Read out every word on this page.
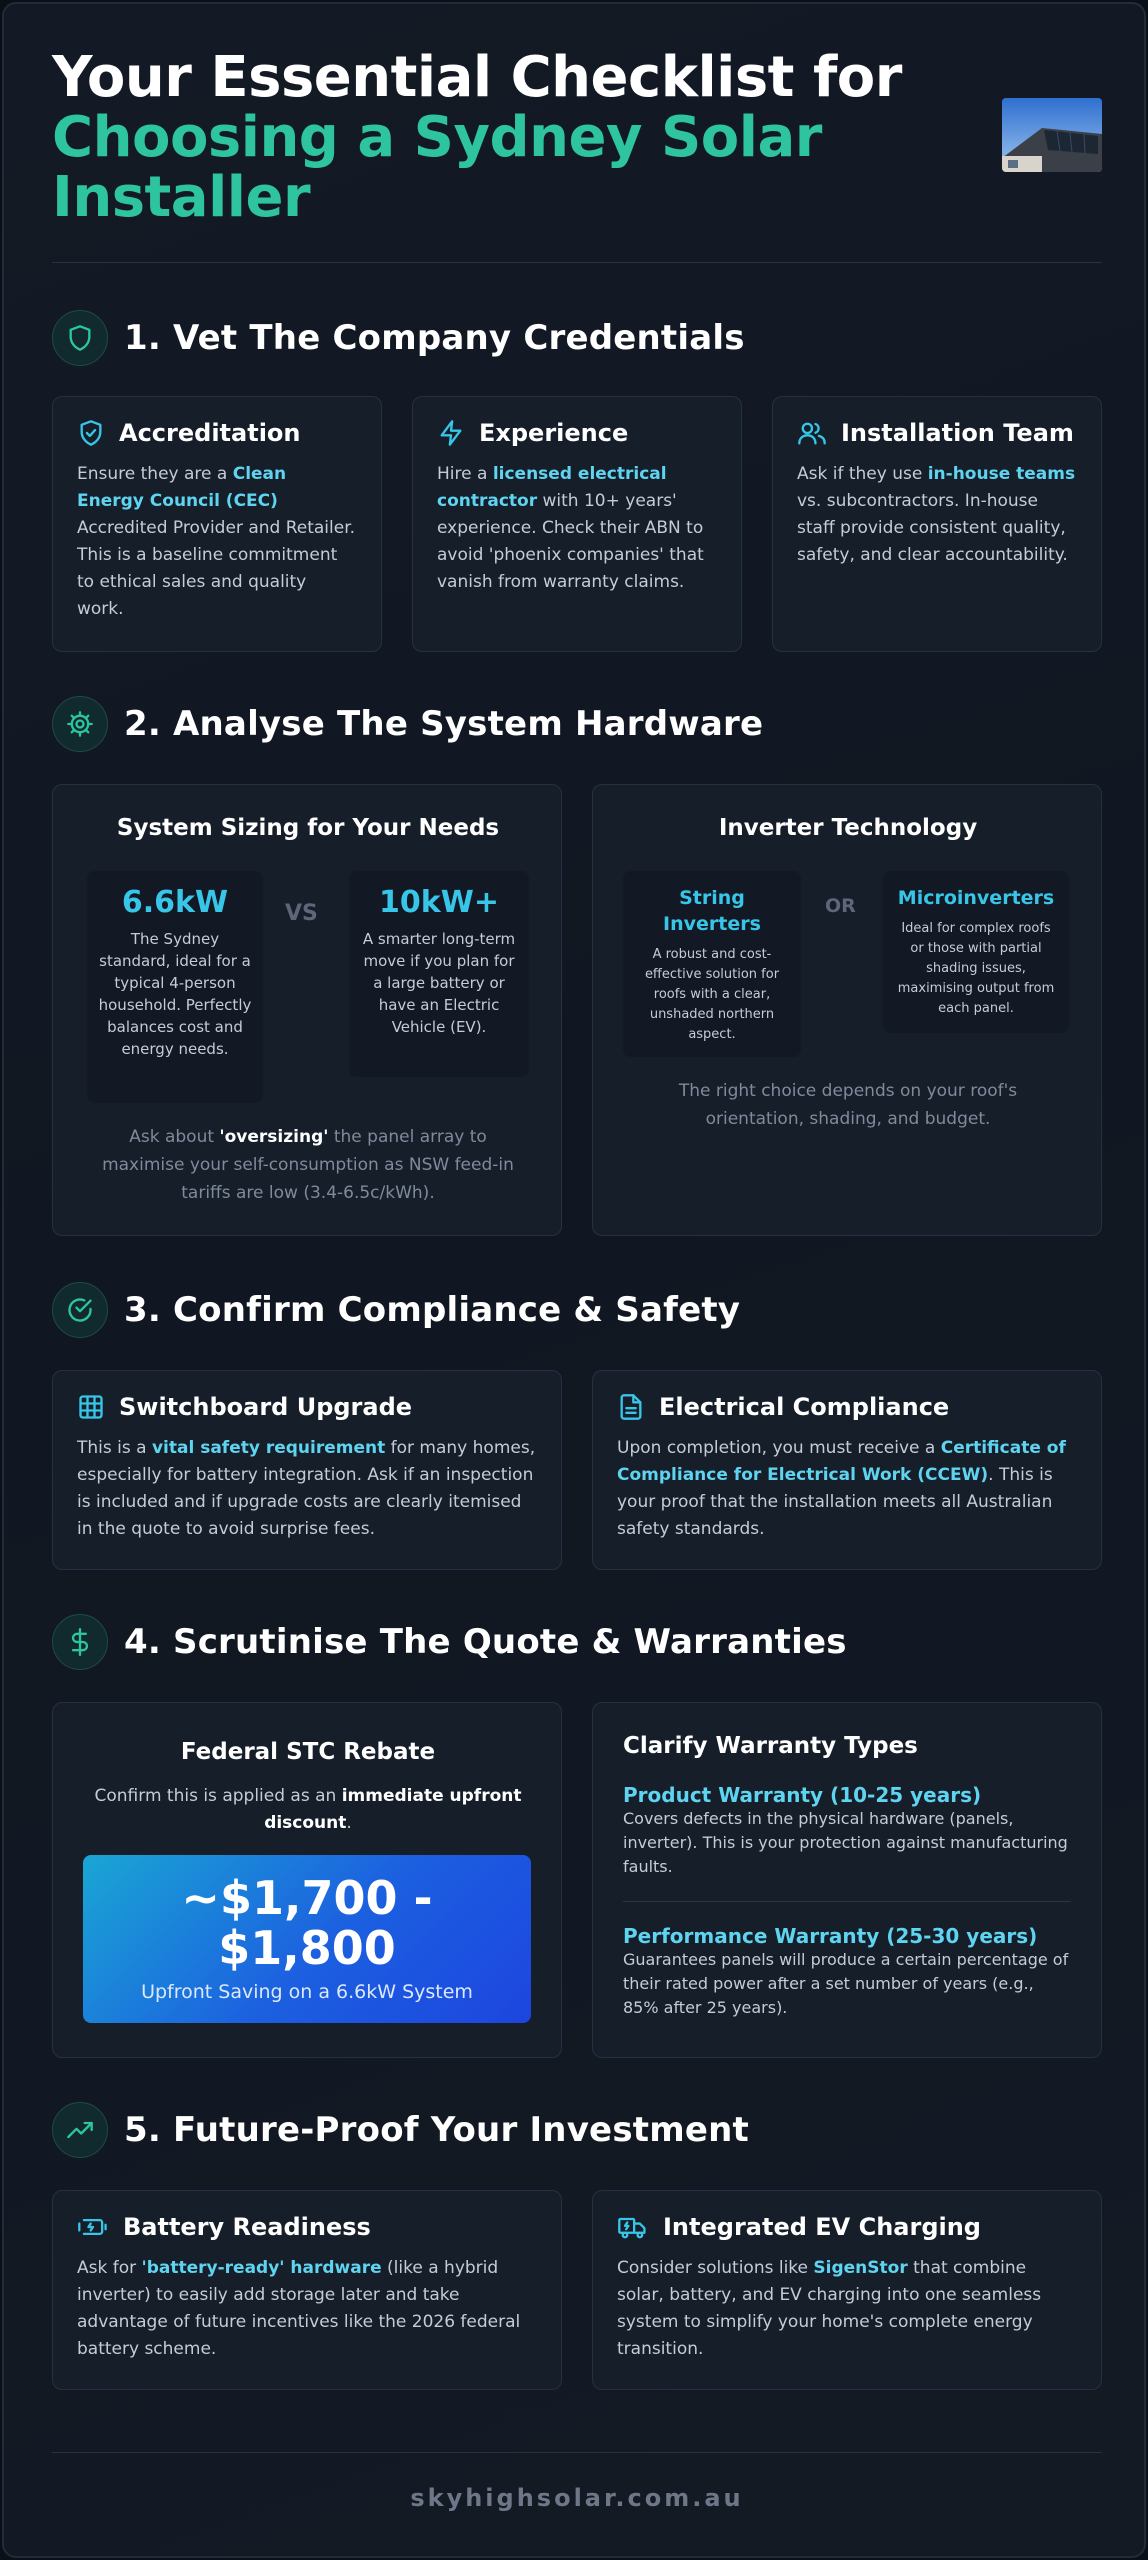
Your Essential Checklist for
Choosing a Sydney Solar
Installer
1. Vet The Company Credentials
Accreditation

Ensure they are a Clean Energy Council (CEC) Accredited Provider and Retailer. This is a baseline commitment to ethical sales and quality work.

Experience

Hire a licensed electrical contractor with 10+ years' experience. Check their ABN to avoid 'phoenix companies' that vanish from warranty claims.

Installation Team

Ask if they use in-house teams vs. subcontractors. In-house staff provide consistent quality, safety, and clear accountability.

2. Analyse The System Hardware
System Sizing for Your Needs
6.6kW
The Sydney standard, ideal for a typical 4-person household. Perfectly balances cost and energy needs.
VS	10kW+
A smarter long-term move if you plan for a large battery or have an Electric Vehicle (EV).
Ask about 'oversizing' the panel array to maximise your self-consumption as NSW feed-in tariffs are low (3.4-6.5c/kWh).
Inverter Technology
String Inverters
A robust and cost-effective solution for roofs with a clear, unshaded northern aspect.
OR Microinverters
Ideal for complex roofs or those with partial shading issues, maximising output from each panel.
The right choice depends on your roof's orientation, shading, and budget.
3. Confirm Compliance & Safety
Switchboard Upgrade

This is a vital safety requirement for many homes, especially for battery integration. Ask if an inspection is included and if upgrade costs are clearly itemised in the quote to avoid surprise fees.

Electrical Compliance

Upon completion, you must receive a Certificate of Compliance for Electrical Work (CCEW). This is your proof that the installation meets all Australian safety standards.

4. Scrutinise The Quote & Warranties
Federal STC Rebate
Confirm this is applied as an immediate upfront discount.
~$1,700 -
$1,800
Upfront Saving on a 6.6kW System
Clarify Warranty Types
Product Warranty (10-25 years)
Covers defects in the physical hardware (panels, inverter). This is your protection against manufacturing faults.
Performance Warranty (25-30 years)
Guarantees panels will produce a certain percentage of their rated power after a set number of years (e.g., 85% after 25 years).
5. Future-Proof Your Investment
Battery Readiness

Ask for 'battery-ready' hardware (like a hybrid inverter) to easily add storage later and take advantage of future incentives like the 2026 federal battery scheme.

Integrated EV Charging

Consider solutions like SigenStor that combine solar, battery, and EV charging into one seamless system to simplify your home's complete energy transition.

skyhighsolar.com.au
